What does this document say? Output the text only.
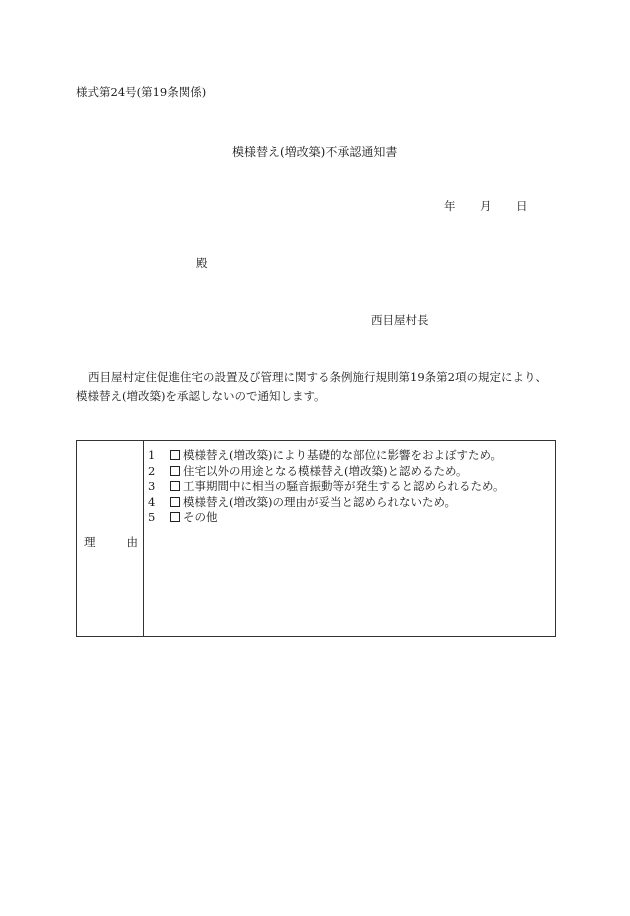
様式第24号(第19条関係)
模様替え(増改築)不承認通知書
年 月 日
殿
西目屋村長
西目屋村定住促進住宅の設置及び管理に関する条例施行規則第19条第2項の規定により、模様替え(増改築)を承認しないので通知します。
理	由
1 模様替え(増改築)により基礎的な部位に影響をおよぼすため。
2 住宅以外の用途となる模様替え(増改築)と認めるため。
3 工事期間中に相当の騒音振動等が発生すると認められるため。
4 模様替え(増改築)の理由が妥当と認められないため。
5 その他
